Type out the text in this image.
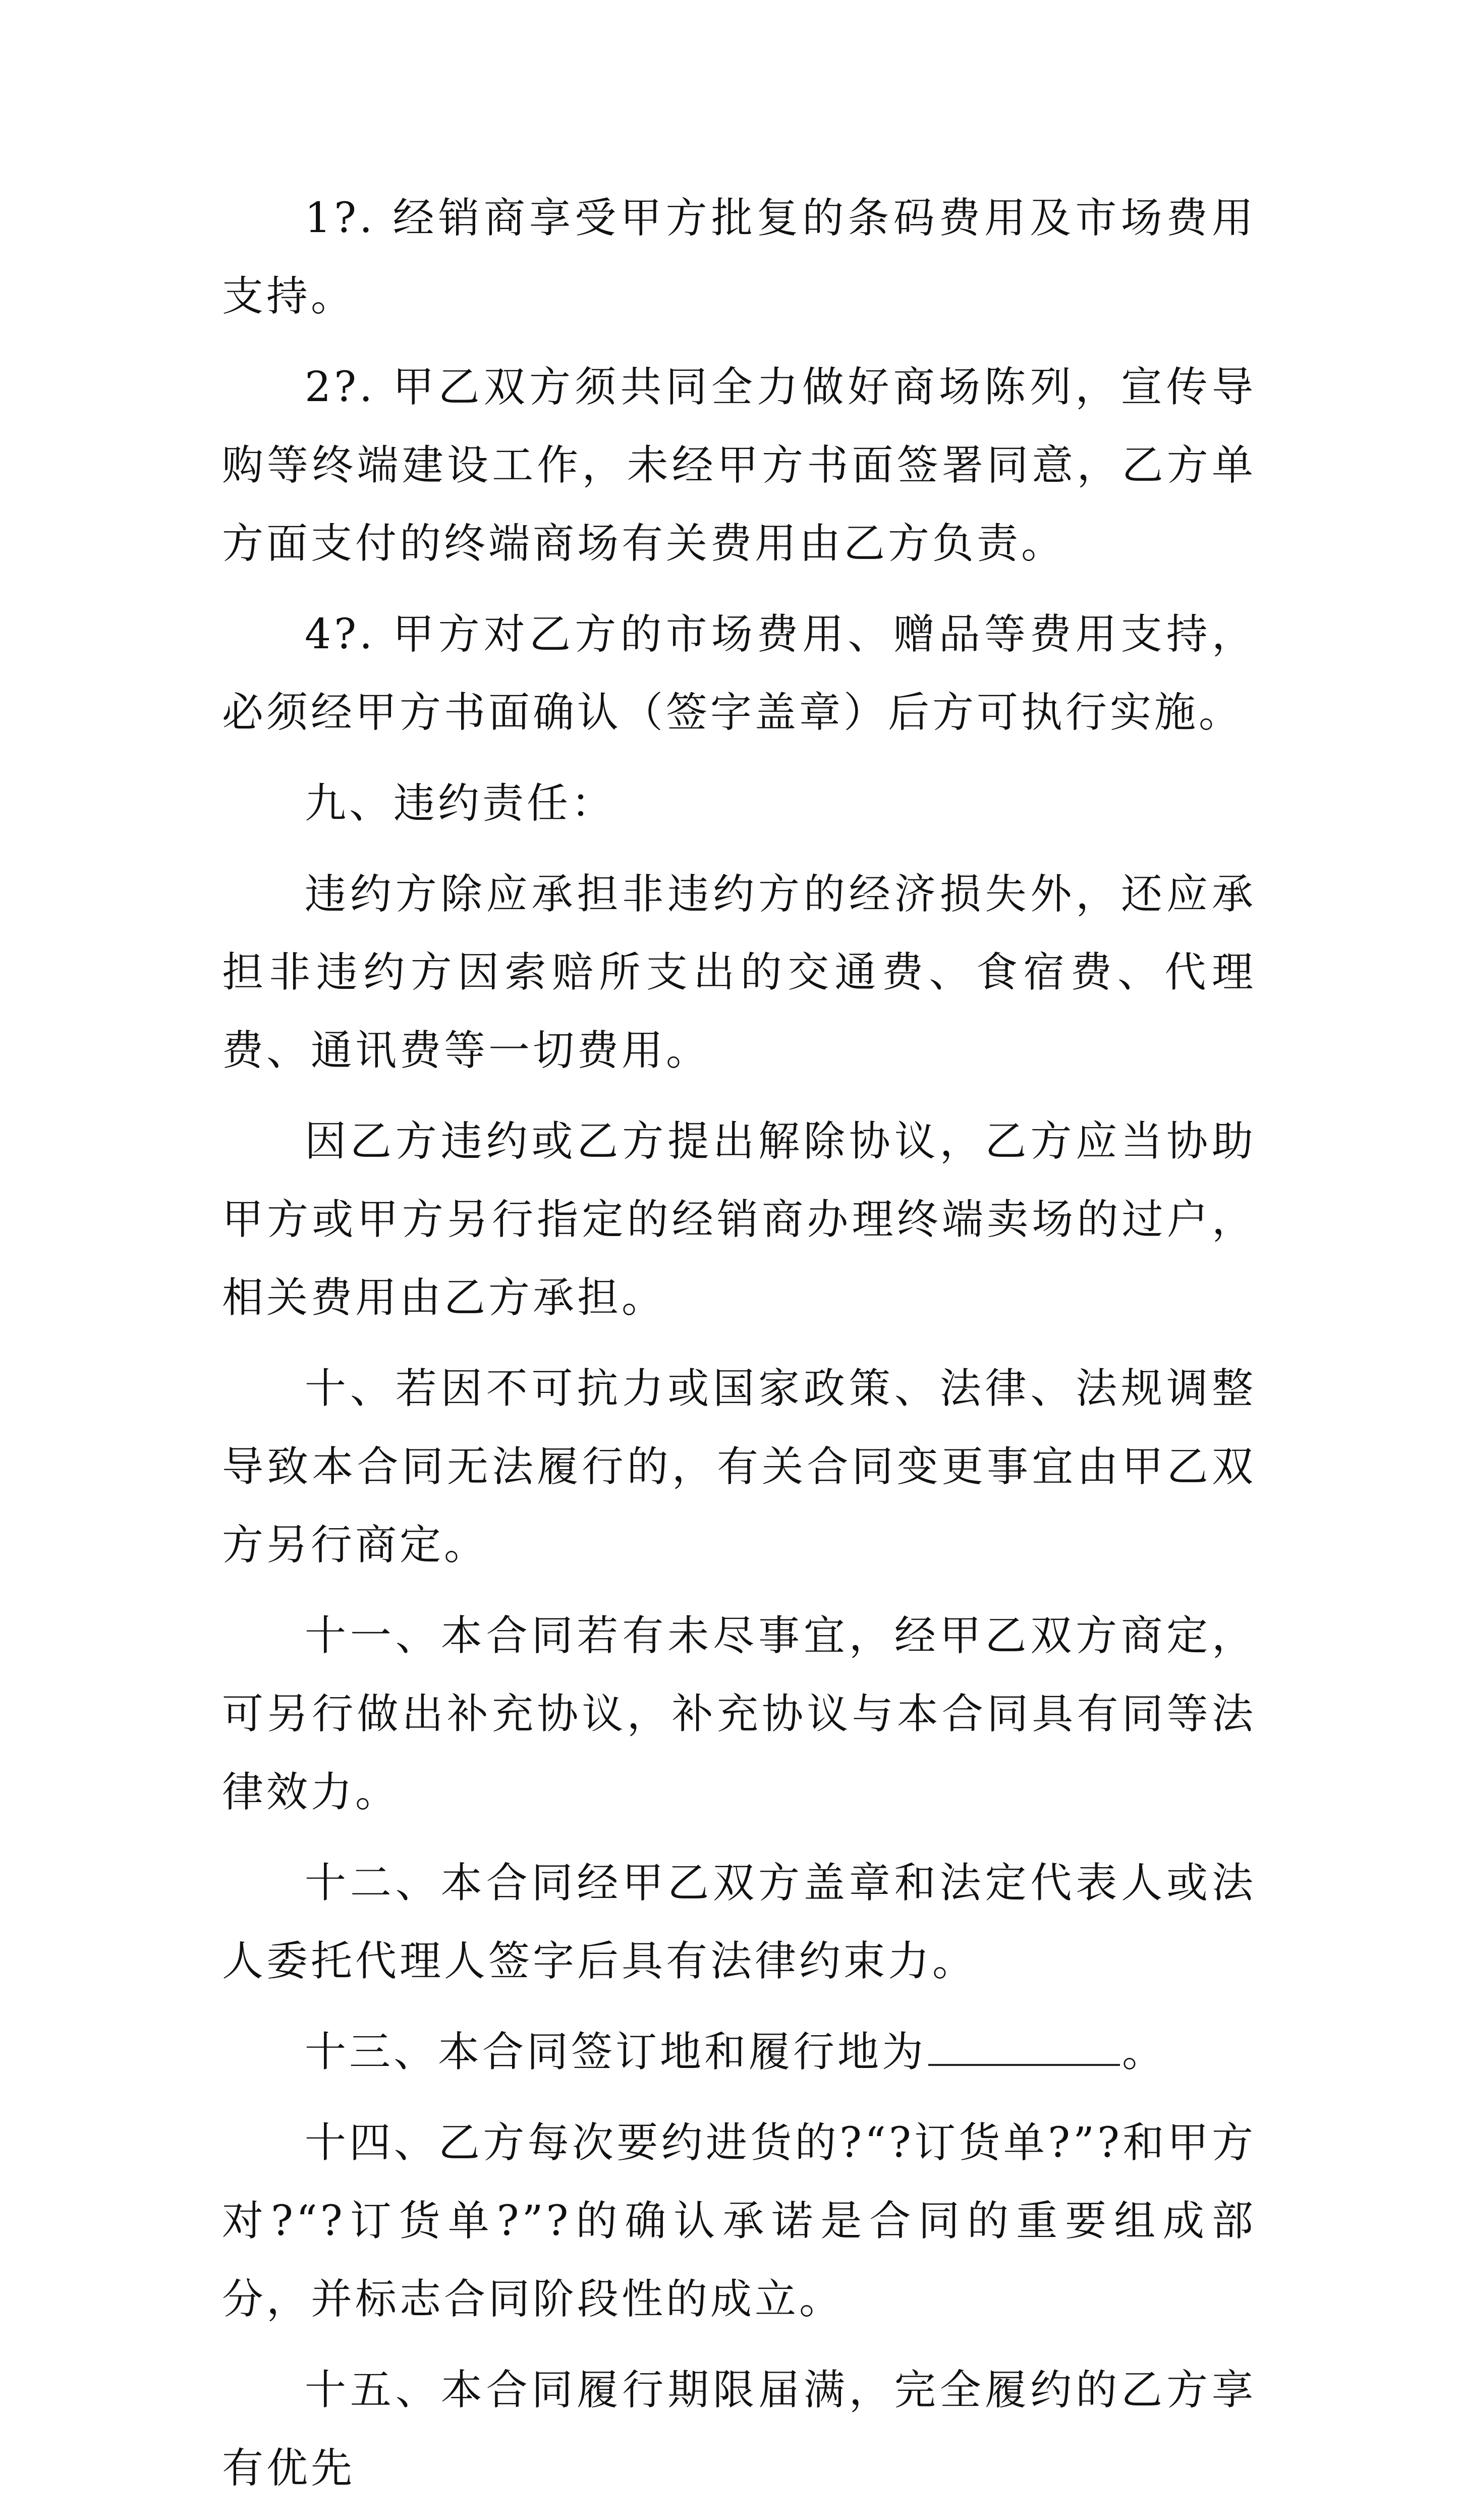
1?. 经销商享受甲方批复的条码费用及市场费用支持。

2?. 甲乙双方须共同全力做好商场陈列，宣传导购等终端建设工作，未经甲方书面签署同意，乙方单方面支付的终端商场有关费用由乙方负责。

4?. 甲方对乙方的市场费用、赠品等费用支持，必须经甲方书面确认（签字盖章）后方可执行实施。

九、违约责任：

违约方除应承担非违约方的经济损失外，还应承担非违约方因索赔所支出的交通费、食宿费、代理费、通讯费等一切费用。

因乙方违约或乙方提出解除协议，乙方应当协助甲方或甲方另行指定的经销商办理终端卖场的过户，相关费用由乙方承担。

十、若因不可抗力或国家政策、法律、法规调整导致本合同无法履行的，有关合同变更事宜由甲乙双方另行商定。

十一、本合同若有未尽事宜，经甲乙双方商定，可另行做出补充协议，补充协议与本合同具有同等法律效力。

十二、本合同经甲乙双方盖章和法定代表人或法人委托代理人签字后具有法律约束力。

十三、本合同签订地和履行地为	。

十四、乙方每次要约进货的?“?订货单?”?和甲方对?“?订货单?”?的确认承诺是合同的重要组成部分，并标志合同阶段性的成立。

十五、本合同履行期限届满，完全履约的乙方享有优先
